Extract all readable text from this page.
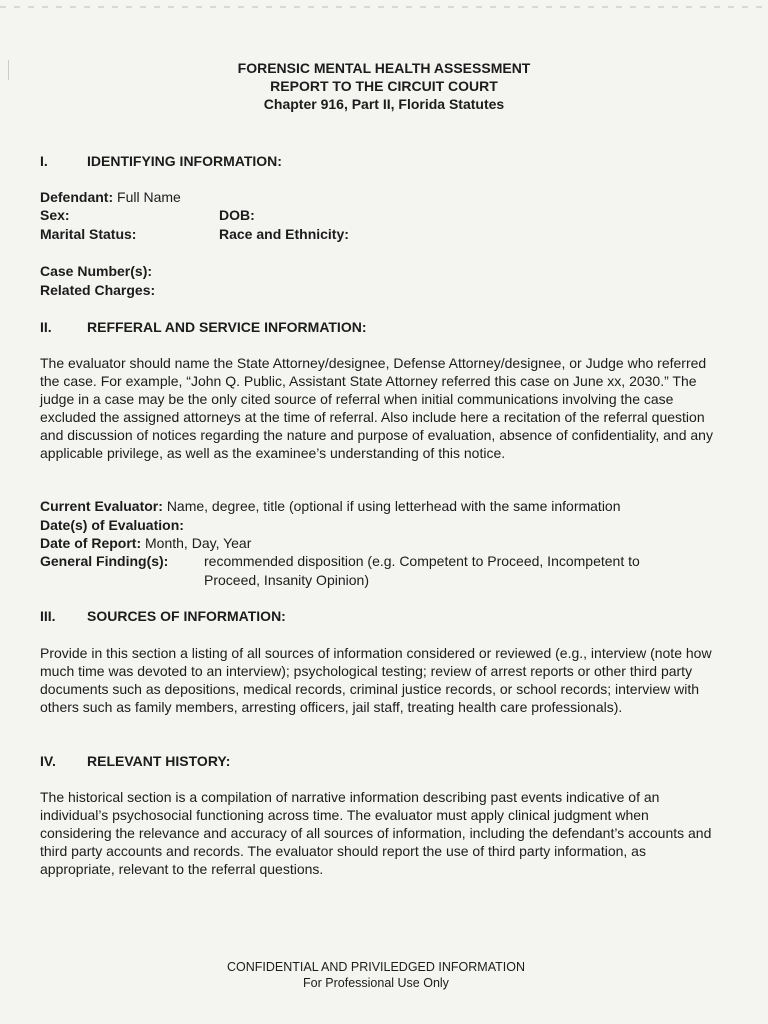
FORENSIC MENTAL HEALTH ASSESSMENT
REPORT TO THE CIRCUIT COURT
Chapter 916, Part II, Florida Statutes
I.	IDENTIFYING INFORMATION:
Defendant: Full Name
Sex:	DOB:
Marital Status:	Race and Ethnicity:
Case Number(s):
Related Charges:
II.	REFFERAL AND SERVICE INFORMATION:
The evaluator should name the State Attorney/designee, Defense Attorney/designee, or Judge who referred the case. For example, “John Q. Public, Assistant State Attorney referred this case on June xx, 2030.” The judge in a case may be the only cited source of referral when initial communications involving the case excluded the assigned attorneys at the time of referral. Also include here a recitation of the referral question and discussion of notices regarding the nature and purpose of evaluation, absence of confidentiality, and any applicable privilege, as well as the examinee’s understanding of this notice.
Current Evaluator: Name, degree, title (optional if using letterhead with the same information
Date(s) of Evaluation:
Date of Report: Month, Day, Year
General Finding(s):	recommended disposition (e.g. Competent to Proceed, Incompetent to
Proceed, Insanity Opinion)
III. SOURCES OF INFORMATION:
Provide in this section a listing of all sources of information considered or reviewed (e.g., interview (note how much time was devoted to an interview); psychological testing; review of arrest reports or other third party documents such as depositions, medical records, criminal justice records, or school records; interview with others such as family members, arresting officers, jail staff, treating health care professionals).
IV. RELEVANT HISTORY:
The historical section is a compilation of narrative information describing past events indicative of an individual’s psychosocial functioning across time. The evaluator must apply clinical judgment when considering the relevance and accuracy of all sources of information, including the defendant’s accounts and third party accounts and records. The evaluator should report the use of third party information, as appropriate, relevant to the referral questions.
CONFIDENTIAL AND PRIVILEDGED INFORMATION
For Professional Use Only
